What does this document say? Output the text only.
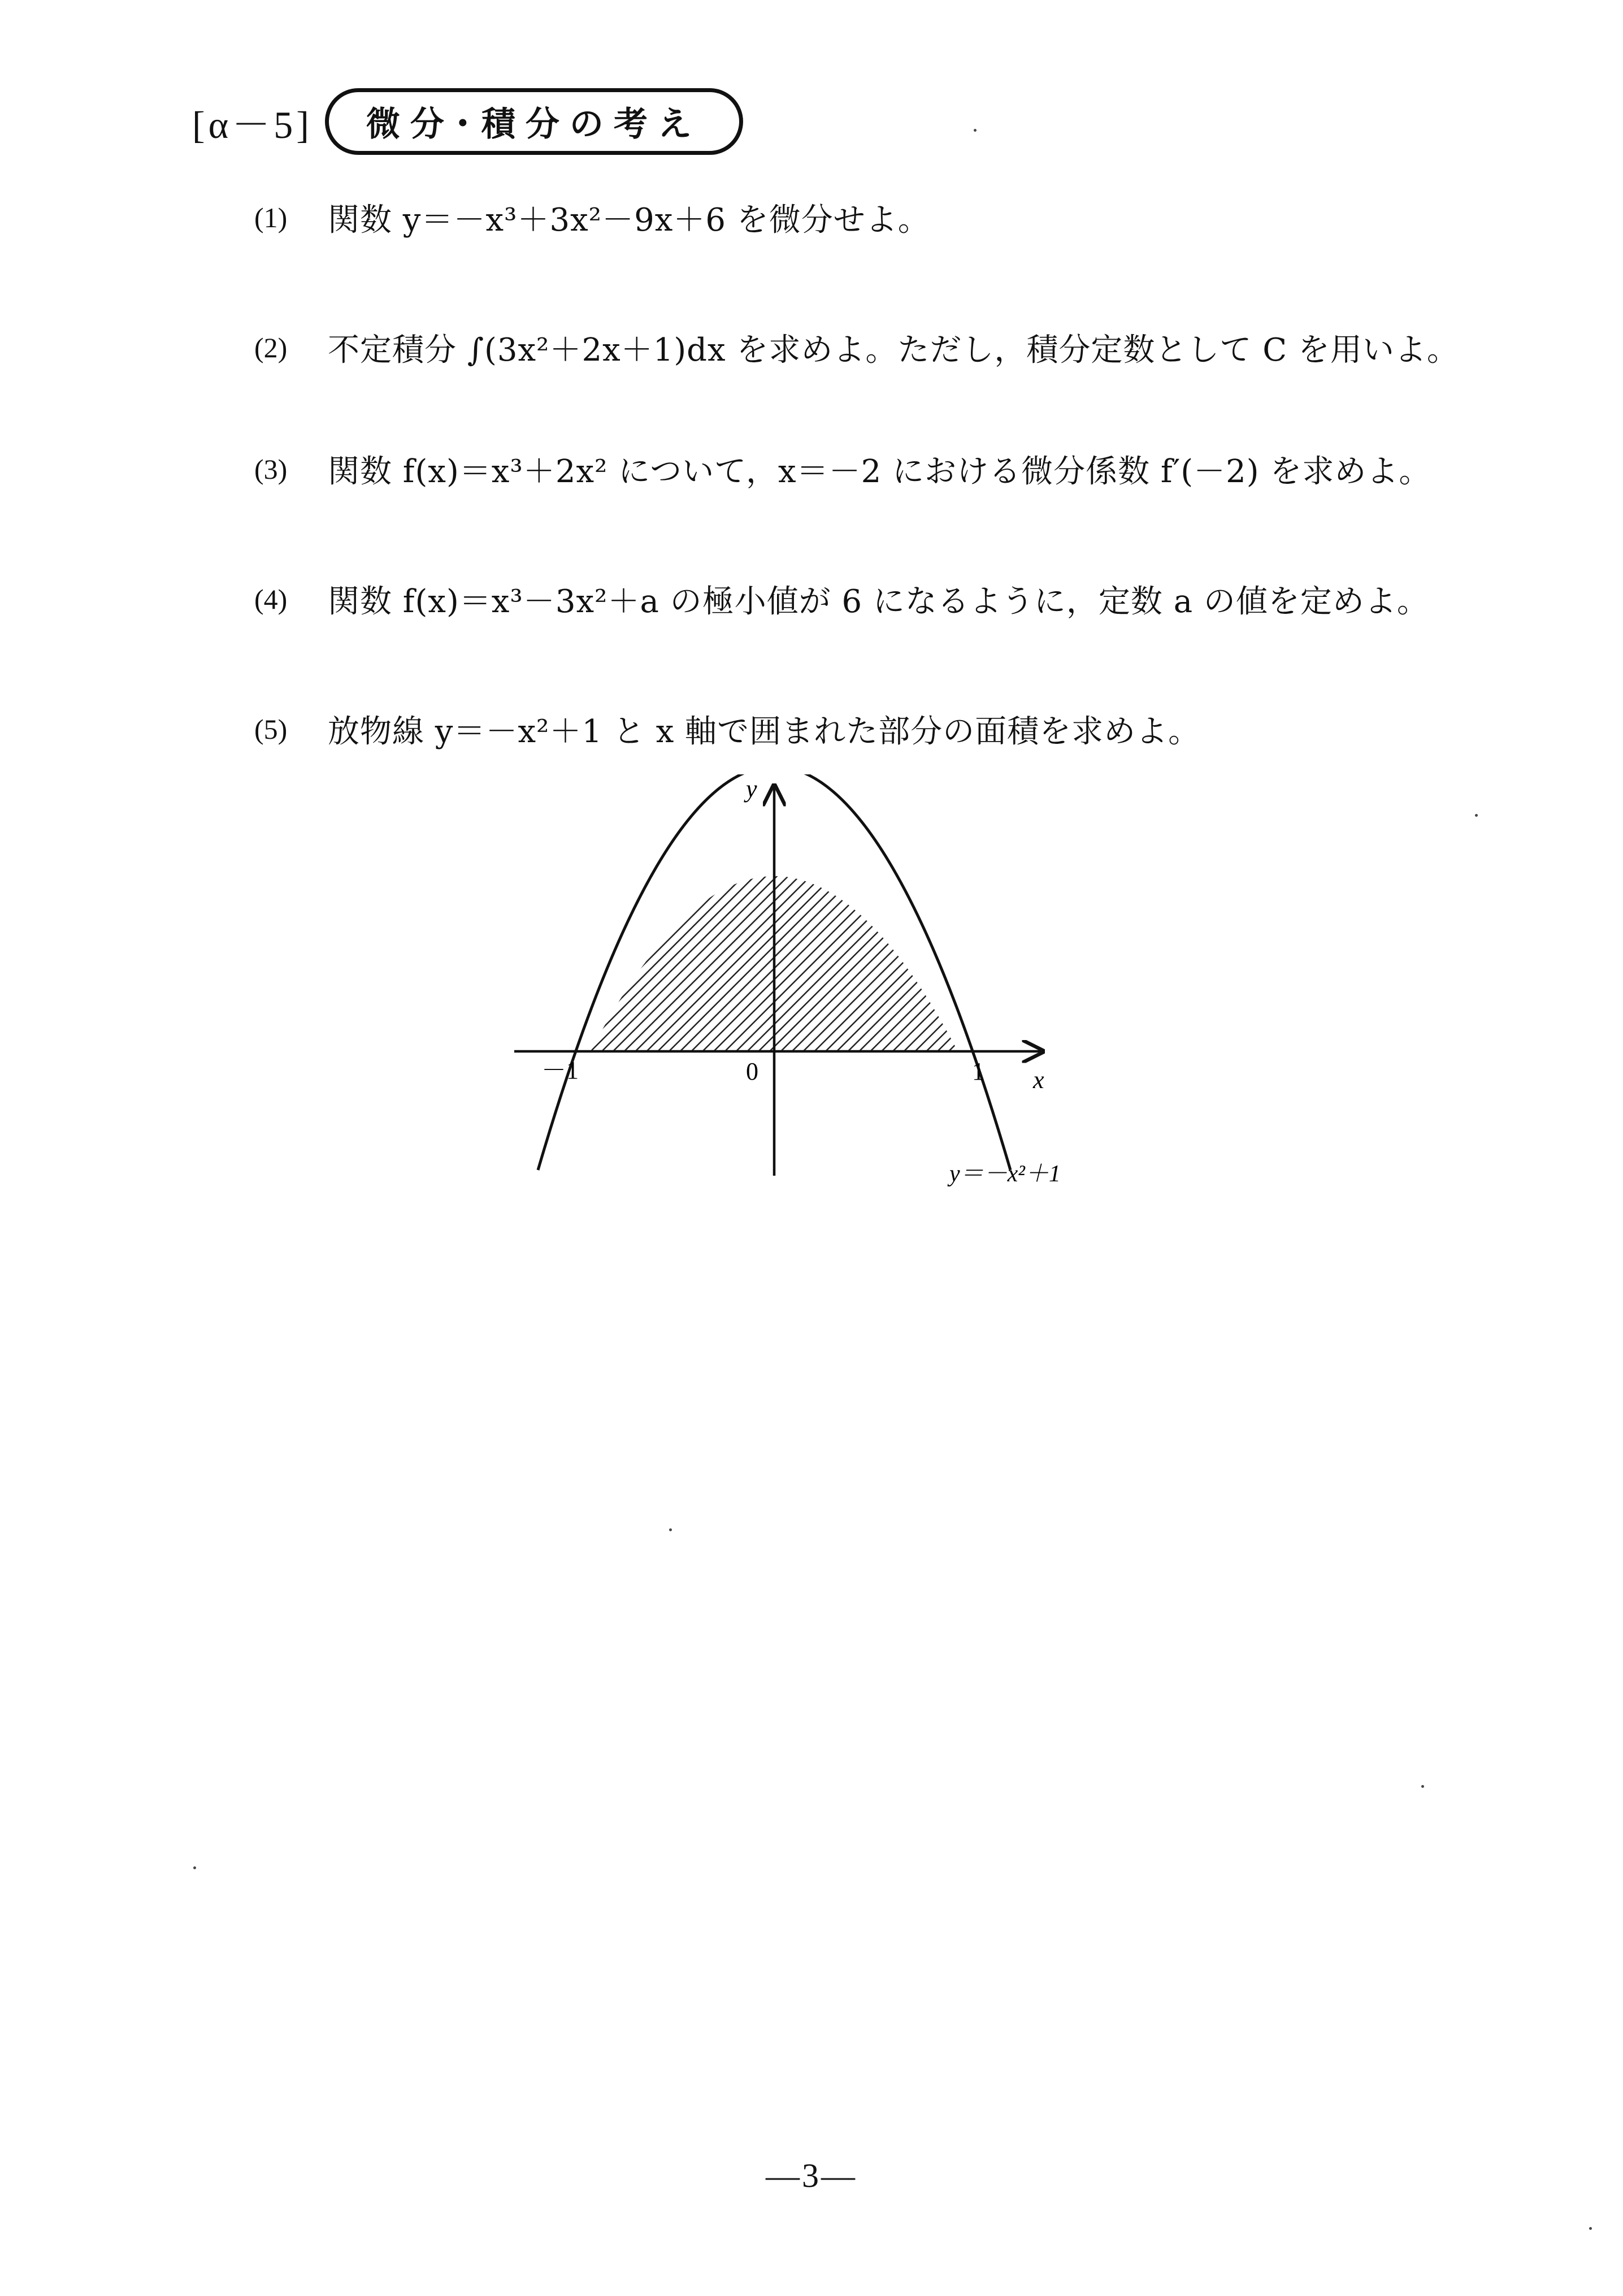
[α－5]	微分･積分の考え
(1)	関数 y＝－x³＋3x²－9x＋6 を微分せよ。
(2)	不定積分 ∫(3x²＋2x＋1)dx を求めよ。ただし，積分定数として C を用いよ。
(3)	関数 f(x)＝x³＋2x² について，x＝－2 における微分係数 f′(－2) を求めよ。
(4)	関数 f(x)＝x³－3x²＋a の極小値が 6 になるように，定数 a の値を定めよ。
(5)	放物線 y＝－x²＋1 と x 軸で囲まれた部分の面積を求めよ。
y
x
0
－1	1
y＝－x²＋1
―3―
